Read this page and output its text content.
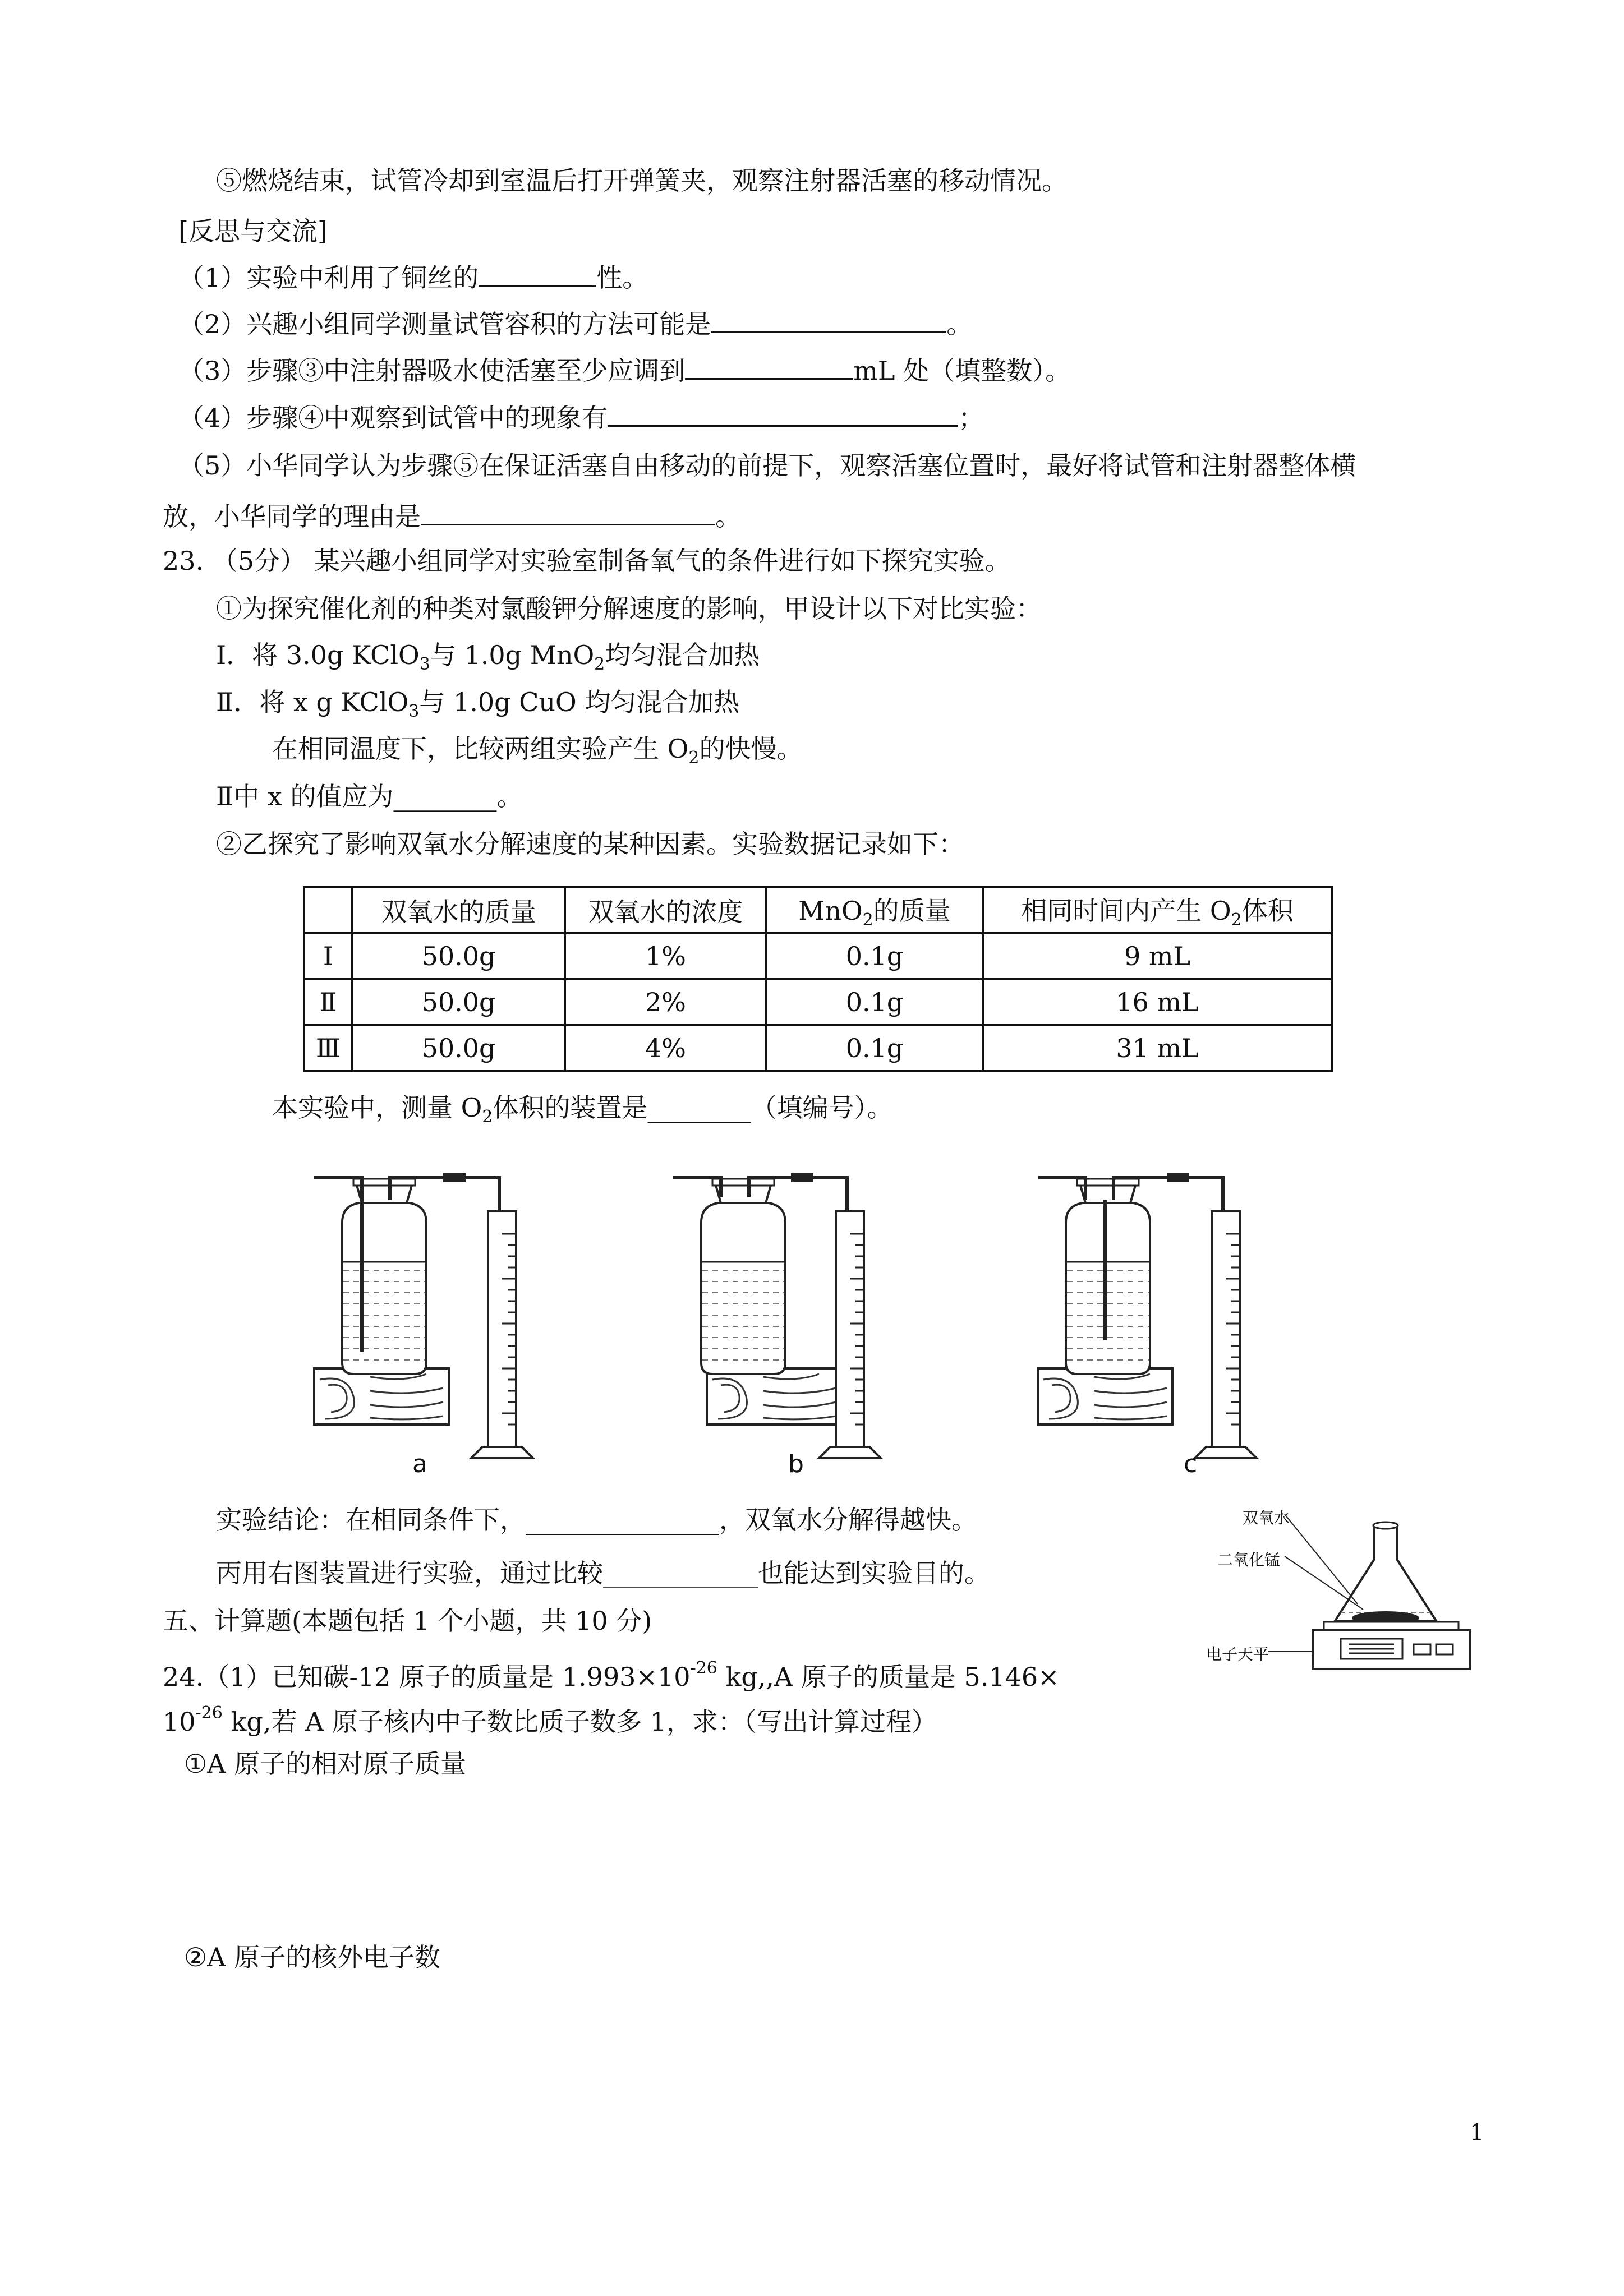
⑤燃烧结束，试管冷却到室温后打开弹簧夹，观察注射器活塞的移动情况。
[反思与交流]
（1）实验中利用了铜丝的	性。
（2）兴趣小组同学测量试管容积的方法可能是	。
（3）步骤③中注射器吸水使活塞至少应调到	mL 处（填整数）。
（4）步骤④中观察到试管中的现象有	；
（5）小华同学认为步骤⑤在保证活塞自由移动的前提下，观察活塞位置时，最好将试管和注射器整体横
放，小华同学的理由是	。
23. （5分） 某兴趣小组同学对实验室制备氧气的条件进行如下探究实验。
①为探究催化剂的种类对氯酸钾分解速度的影响，甲设计以下对比实验：
Ⅰ．将 3.0g KClO$_3$与 1.0g MnO$_2$均匀混合加热
Ⅱ．将 x g KClO$_3$与 1.0g CuO 均匀混合加热
在相同温度下，比较两组实验产生 $O_2$的快慢。
Ⅱ中 x 的值应为________。
②乙探究了影响双氧水分解速度的某种因素。实验数据记录如下：
	双氧水的质量	双氧水的浓度	MnO$_2$的质量	相同时间内产生 $O_2$体积
Ⅰ	50.0g	1%	0.1g	9 mL
Ⅱ	50.0g	2%	0.1g	16 mL
Ⅲ	50.0g	4%	0.1g	31 mL
本实验中，测量 $O_2$体积的装置是________（填编号）。
a	b	c
实验结论：在相同条件下，_______________，双氧水分解得越快。
丙用右图装置进行实验，通过比较____________也能达到实验目的。
双氧水
二氧化锰
电子天平
五、计算题(本题包括 1 个小题，共 10 分)
24.（1）已知碳-12 原子的质量是 $1.993\times 10^{-26}$ kg,,A 原子的质量是 5.146×
$10^{-26}$ kg,若 A 原子核内中子数比质子数多 1，求：（写出计算过程）
①A 原子的相对原子质量
②A 原子的核外电子数
1
